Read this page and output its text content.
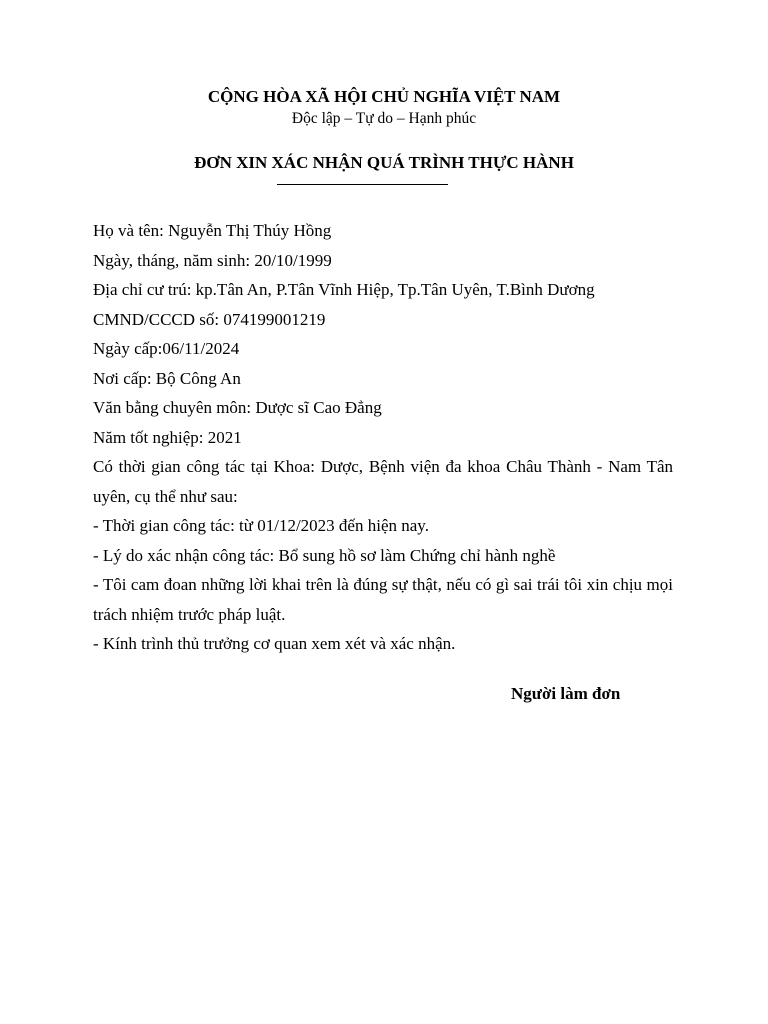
CỘNG HÒA XÃ HỘI CHỦ NGHĨA VIỆT NAM

Độc lập – Tự do – Hạnh phúc

ĐƠN XIN XÁC NHẬN QUÁ TRÌNH THỰC HÀNH

Họ và tên: Nguyễn Thị Thúy Hồng

Ngày, tháng, năm sinh: 20/10/1999

Địa chỉ cư trú: kp.Tân An, P.Tân Vĩnh Hiệp, Tp.Tân Uyên, T.Bình Dương

CMND/CCCD số: 074199001219

Ngày cấp:06/11/2024

Nơi cấp: Bộ Công An

Văn bằng chuyên môn: Dược sĩ Cao Đẳng

Năm tốt nghiệp: 2021

Có thời gian công tác tại Khoa: Dược, Bệnh viện đa khoa Châu Thành - Nam Tân uyên, cụ thể như sau:

- Thời gian công tác: từ 01/12/2023 đến hiện nay.

- Lý do xác nhận công tác: Bổ sung hồ sơ làm Chứng chỉ hành nghề

- Tôi cam đoan những lời khai trên là đúng sự thật, nếu có gì sai trái tôi xin chịu mọi trách nhiệm trước pháp luật.

- Kính trình thủ trưởng cơ quan xem xét và xác nhận.

Người làm đơn
